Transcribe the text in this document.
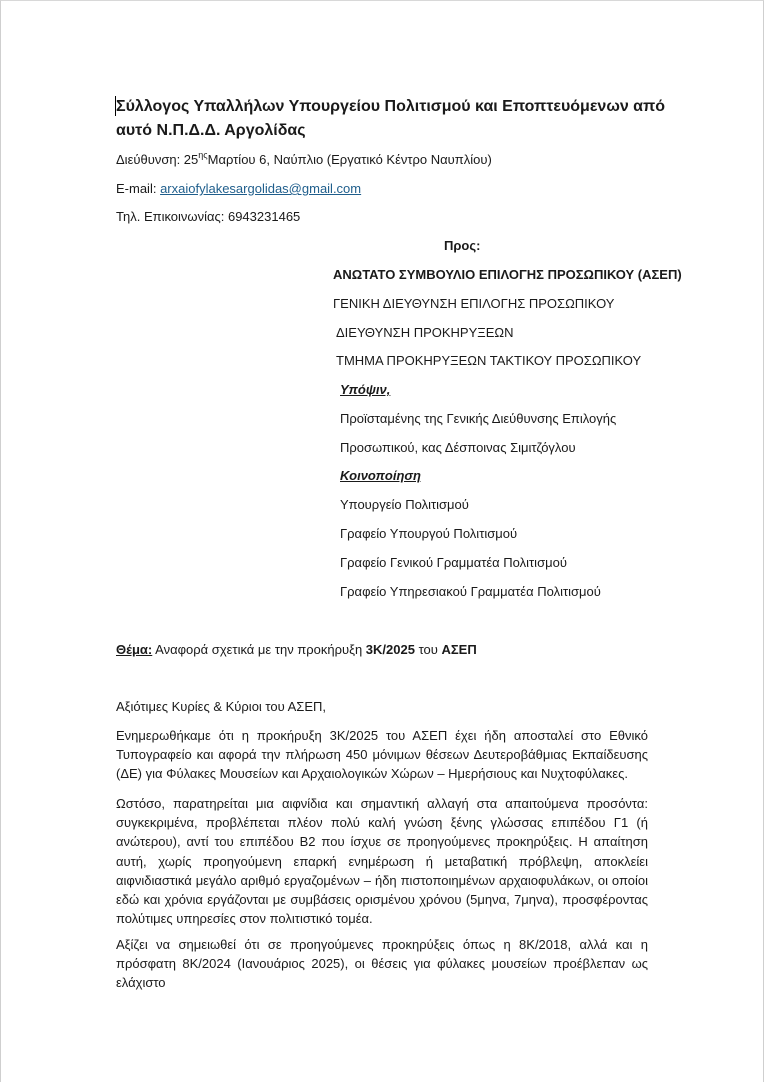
Σύλλογος Υπαλλήλων Υπουργείου Πολιτισμού και Εποπτευόμενων από αυτό Ν.Π.Δ.Δ. Αργολίδας
Διεύθυνση: $25^{\eta\varsigma}M\alpha\rho\tau ίo\upsilon$ 6, Ναύπλιο (Εργατικό Κέντρο Ναυπλίου)
E-mail: arxaiofylakesargolidas@gmail.com
Τηλ. Επικοινωνίας: 6943231465
Προς:
ΑΝΩΤΑΤΟ ΣΥΜΒΟΥΛΙΟ ΕΠΙΛΟΓΗΣ ΠΡΟΣΩΠΙΚΟΥ (ΑΣΕΠ)
ΓΕΝΙΚΗ ΔΙΕΥΘΥΝΣΗ ΕΠΙΛΟΓΗΣ ΠΡΟΣΩΠΙΚΟΥ
ΔΙΕΥΘΥΝΣΗ ΠΡΟΚΗΡΥΞΕΩΝ
ΤΜΗΜΑ ΠΡΟΚΗΡΥΞΕΩΝ ΤΑΚΤΙΚΟΥ ΠΡΟΣΩΠΙΚΟΥ
Υπόψιν,
Προϊσταμένης της Γενικής Διεύθυνσης Επιλογής
Προσωπικού, κας Δέσποινας Σιμιτζόγλου
Κοινοποίηση
Υπουργείο Πολιτισμού
Γραφείο Υπουργού Πολιτισμού
Γραφείο Γενικού Γραμματέα Πολιτισμού
Γραφείο Υπηρεσιακού Γραμματέα Πολιτισμού
Θέμα: Αναφορά σχετικά με την προκήρυξη 3Κ/2025 του ΑΣΕΠ
Αξιότιμες Κυρίες & Κύριοι του ΑΣΕΠ,

Ενημερωθήκαμε ότι η προκήρυξη 3Κ/2025 του ΑΣΕΠ έχει ήδη αποσταλεί στο Εθνικό Τυπογραφείο και αφορά την πλήρωση 450 μόνιμων θέσεων Δευτεροβάθμιας Εκπαίδευσης (ΔΕ) για Φύλακες Μουσείων και Αρχαιολογικών Χώρων – Ημερήσιους και Νυχτοφύλακες.

Ωστόσο, παρατηρείται μια αιφνίδια και σημαντική αλλαγή στα απαιτούμενα προσόντα: συγκεκριμένα, προβλέπεται πλέον πολύ καλή γνώση ξένης γλώσσας επιπέδου Γ1 (ή ανώτερου), αντί του επιπέδου Β2 που ίσχυε σε προηγούμενες προκηρύξεις. Η απαίτηση αυτή, χωρίς προηγούμενη επαρκή ενημέρωση ή μεταβατική πρόβλεψη, αποκλείει αιφνιδιαστικά μεγάλο αριθμό εργαζομένων – ήδη πιστοποιημένων αρχαιοφυλάκων, οι οποίοι εδώ και χρόνια εργάζονται με συμβάσεις ορισμένου χρόνου (5μηνα, 7μηνα), προσφέροντας πολύτιμες υπηρεσίες στον πολιτιστικό τομέα.

Αξίζει να σημειωθεί ότι σε προηγούμενες προκηρύξεις όπως η 8Κ/2018, αλλά και η πρόσφατη 8Κ/2024 (Ιανουάριος 2025), οι θέσεις για φύλακες μουσείων προέβλεπαν ως ελάχιστο
